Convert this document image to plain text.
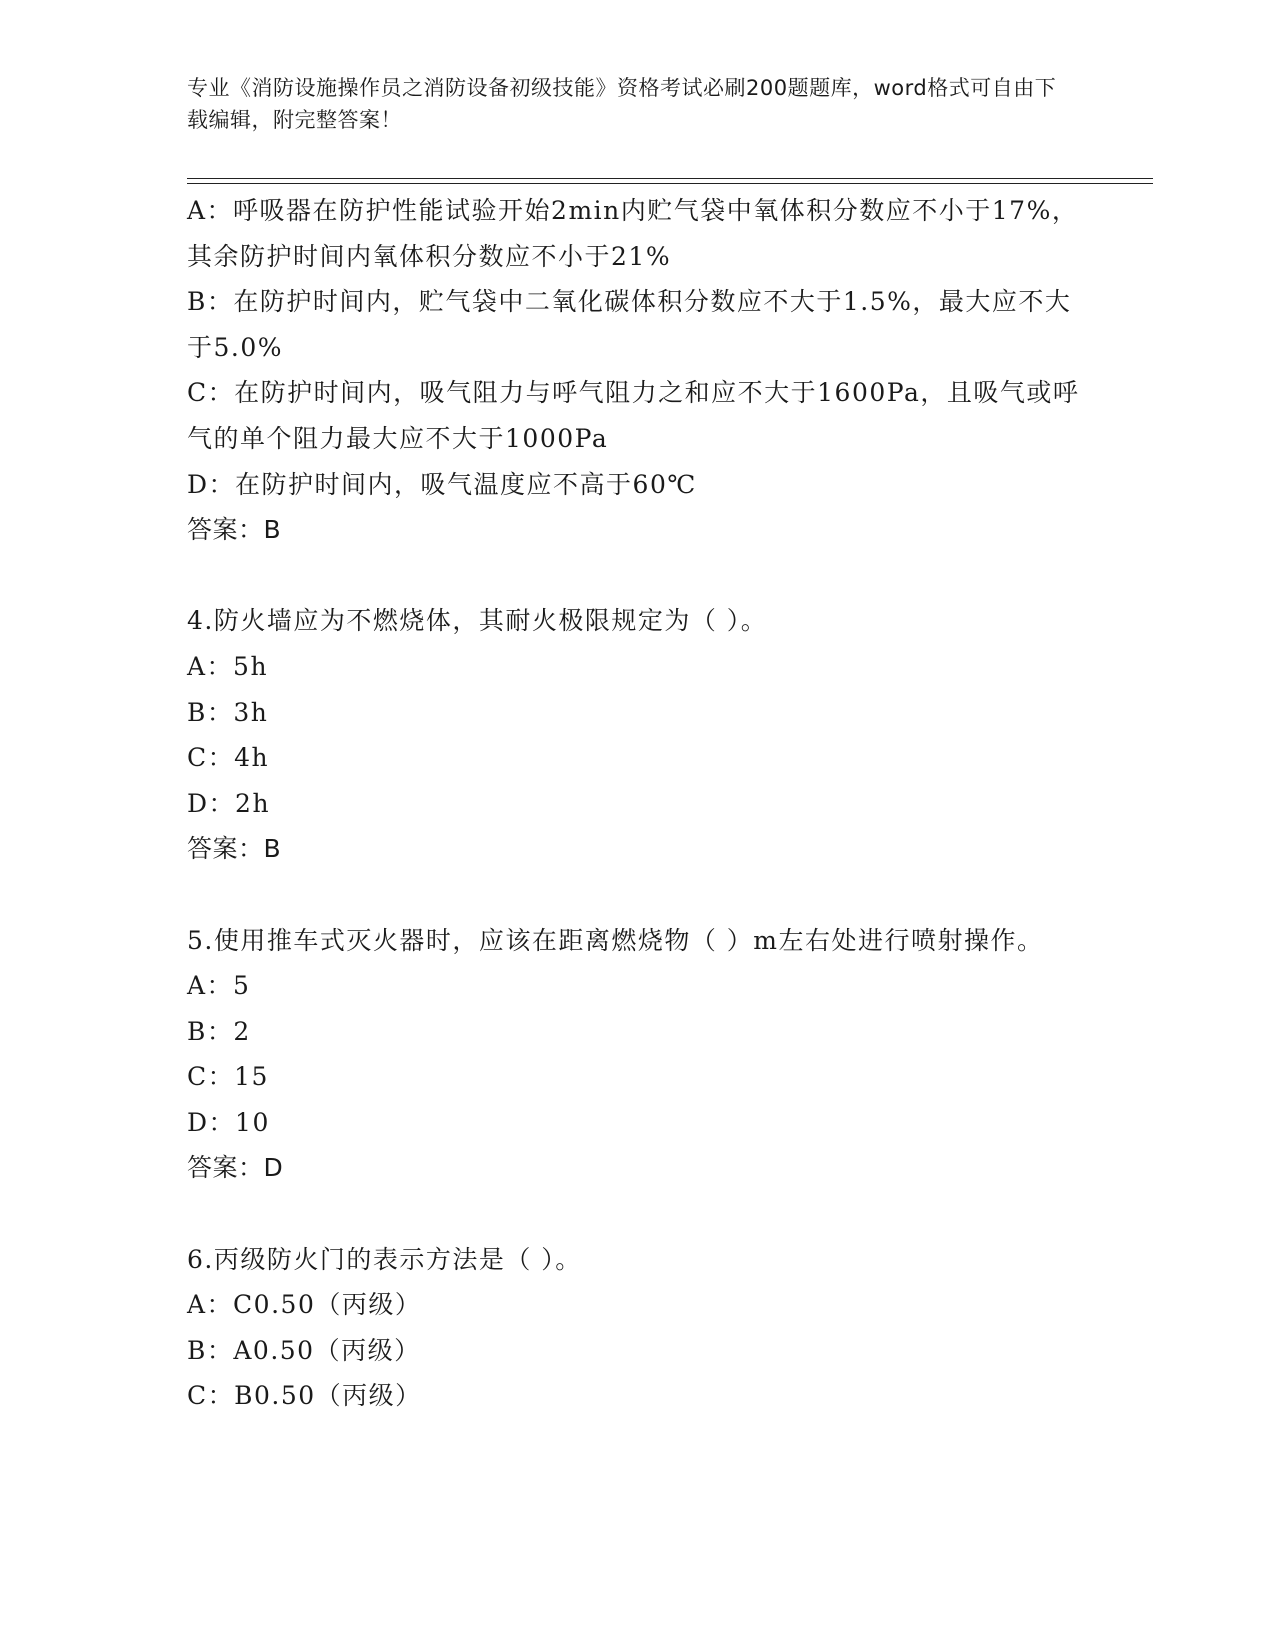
专业《消防设施操作员之消防设备初级技能》资格考试必刷200题题库，word格式可自由下载编辑，附完整答案！

A：呼吸器在防护性能试验开始2min内贮气袋中氧体积分数应不小于17%，其余防护时间内氧体积分数应不小于21%

B：在防护时间内，贮气袋中二氧化碳体积分数应不大于1.5%，最大应不大于5.0%

C：在防护时间内，吸气阻力与呼气阻力之和应不大于1600Pa，且吸气或呼气的单个阻力最大应不大于1000Pa

D：在防护时间内，吸气温度应不高于60℃

答案：B

4.防火墙应为不燃烧体，其耐火极限规定为（ ）。

A：5h

B：3h

C：4h

D：2h

答案：B

5.使用推车式灭火器时，应该在距离燃烧物（ ）m左右处进行喷射操作。

A：5

B：2

C：15

D：10

答案：D

6.丙级防火门的表示方法是（ ）。

A：C0.50（丙级）

B：A0.50（丙级）

C：B0.50（丙级）
